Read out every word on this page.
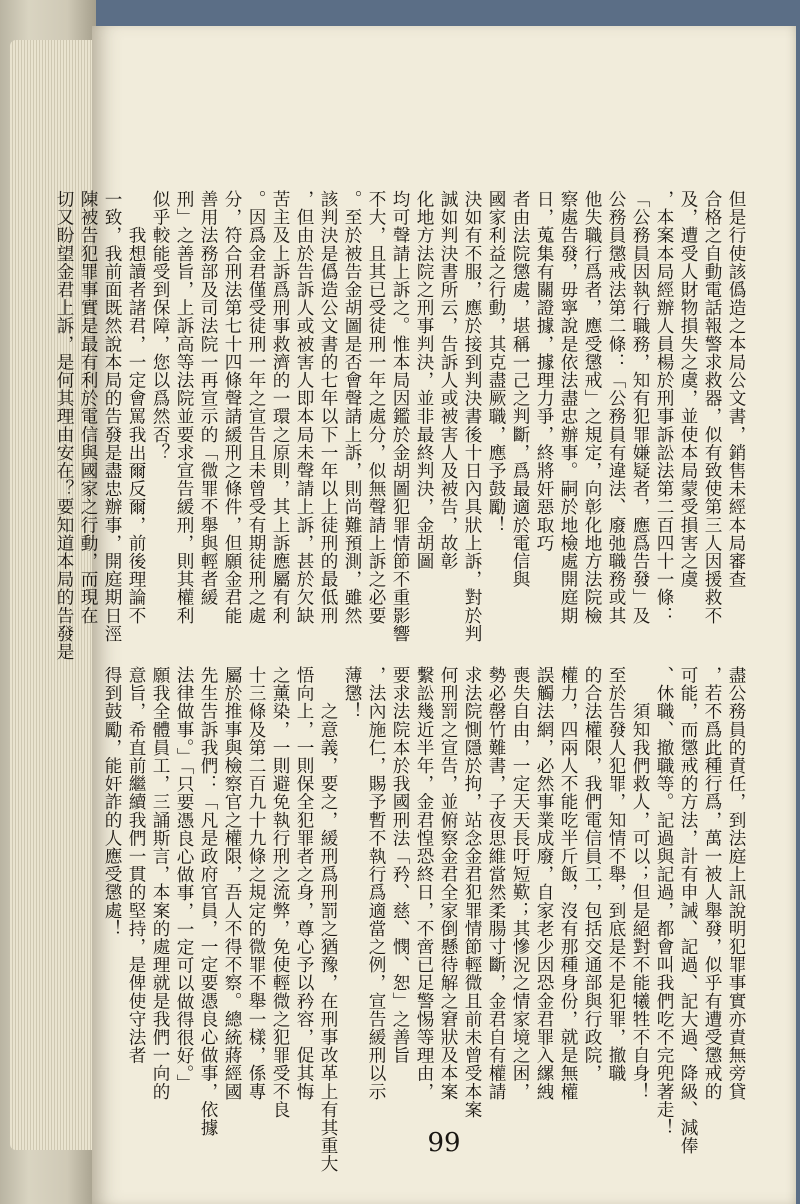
但是行使該僞造之本局公文書，銷售未經本局審查
合格之自動電話報警求救器，似有致使第三人因援救不
及，遭受人財物損失之虞，並使本局蒙受損害之虞
，本案本局經辦人員楊於刑事訴訟法第二百四十一條：
「公務員因執行職務，知有犯罪嫌疑者，應爲告發」及
公務員懲戒法第二條：「公務員有違法、廢弛職務或其
他失職行爲者，應受懲戒」之規定，向彰化地方法院檢
察處告發，毋寧說是依法盡忠辦事。嗣於地檢處開庭期
日，蒐集有關證據，據理力爭，終將奸惡取巧
者由法院懲處，堪稱一己之判斷，爲最適於電信與
國家利益之行動，其克盡厥職，應予鼓勵！
決如有不服，應於接到判決書後十日內具狀上訴，對於判
誠如判決書所云，告訴人或被害人及被告，故彰
化地方法院之刑事判決，並非最終判決，金胡圖
均可聲請上訴之。惟本局因鑑於金胡圖犯罪情節不重影響
不大，且其已受徒刑一年之處分，似無聲請上訴之必要
。至於被告金胡圖是否會聲請上訴，則尚難預測，雖然
該判決是僞造公文書的七年以下一年以上徒刑的最低刑
，但由於告訴人或被害人即本局未聲請上訴，甚於欠缺
苦主及上訴爲刑事救濟的一環之原則，其上訴應屬有利
。因爲金君僅受徒刑一年之宣告且未曾受有期徒刑之處
分，符合刑法第七十四條聲請緩刑之條件，但願金君能
善用法務部及司法院一再宣示的「微罪不舉與輕者緩
刑」之善旨，上訴高等法院並要求宣告緩刑，則其權利
似乎較能受到保障，您以爲然否？
　　我想讀者諸君，一定會罵我出爾反爾，前後理論不
一致，我前面既然說本局的告發是盡忠辦事，開庭期日涇
陳被告犯罪事實是最有利於電信與國家之行動，而現在
切又盼望金君上訴，是何其理由安在？要知道本局的告發是
盡公務員的責任，到法庭上訊說明犯罪事實亦責無旁貸
，若不爲此種行爲，萬一被人舉發，似乎有遭受懲戒的
可能，而懲戒的方法，計有申誡、記過、記大過、降級、減俸
、休職、撤職等。記過與記過，都會叫我們吃不完兜著走！
　　須知我們救人，可以；但是絕對不能犧牲不自身！
至於告發人犯罪，知情不舉，到底是不是犯罪，撤職
的合法權限，我們電信員工，包括交通部與行政院，
權力，四兩人不能吃半斤飯，沒有那種身份，就是無權
誤觸法網，必然事業成廢，自家老少因恐金君罪入縲絏
喪失自由，一定天天長吁短歎；其慘況之情家境之困，
勢必罄竹難書，子夜思維當然柔腸寸斷，金君自有權請
求法院惻隱於拘，站念金君犯罪情節輕微且前未曾受本案
何刑罰之宣告，並俯察金君全家倒懸待解之窘狀及本案
繫訟幾近半年，金君惶恐終日，不啻已足警惕等理由，
要求法院本於我國刑法「矜、慈、憫、恕」之善旨
，法內施仁，賜予暫不執行爲適當之例，宣告緩刑以示
薄懲！
　　之意義，要之，緩刑爲刑罰之猶豫，在刑事改革上有其重大
悟向上，一則保全犯罪者之身，尊心予以矜容，促其悔
之薰染，一則避免執行刑之流弊，免使輕微之犯罪受不良
十三條及第二百九十九條之規定的微罪不舉一樣，係專
屬於推事與檢察官之權限，吾人不得不察。總統蔣經國
先生告訴我們：「凡是政府官員，一定要憑良心做事，依據
法律做事。」「只要憑良心做事，一定可以做得很好。」
願我全體員工，三誦斯言，本案的處理就是我們一向的
意旨，希直前繼續我們一貫的堅持，是俾使守法者
得到鼓勵，能奸詐的人應受懲處！
99
